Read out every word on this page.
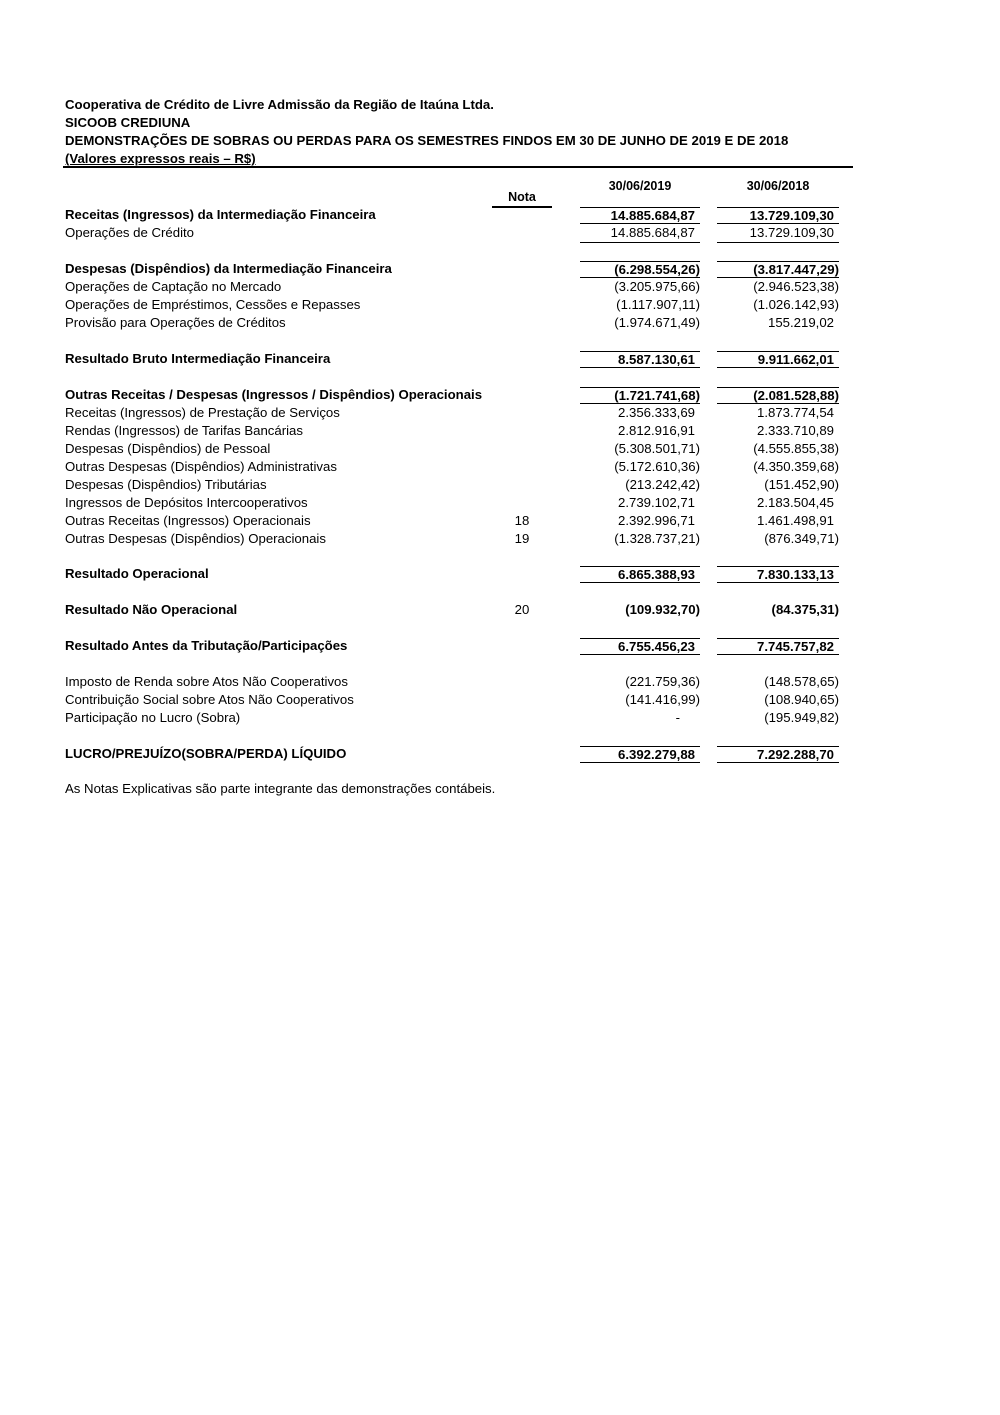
Cooperativa de Crédito de Livre Admissão da Região de Itaúna Ltda.
SICOOB CREDIUNA
DEMONSTRAÇÕES DE SOBRAS OU PERDAS PARA OS SEMESTRES FINDOS EM 30 DE JUNHO DE 2019 E DE 2018
(Valores expressos reais – R$)
30/06/2019	30/06/2018
Nota
Receitas (Ingressos) da Intermediação Financeira	14.885.684,87	13.729.109,30
Operações de Crédito	14.885.684,87	13.729.109,30
Despesas (Dispêndios) da Intermediação Financeira	(6.298.554,26)	(3.817.447,29)
Operações de Captação no Mercado	(3.205.975,66)	(2.946.523,38)
Operações de Empréstimos, Cessões e Repasses	(1.117.907,11)	(1.026.142,93)
Provisão para Operações de Créditos	(1.974.671,49)	155.219,02
Resultado Bruto Intermediação Financeira	8.587.130,61	9.911.662,01
Outras Receitas / Despesas (Ingressos / Dispêndios) Operacionais	(1.721.741,68)	(2.081.528,88)
Receitas (Ingressos) de Prestação de Serviços	2.356.333,69	1.873.774,54
Rendas (Ingressos) de Tarifas Bancárias	2.812.916,91	2.333.710,89
Despesas (Dispêndios) de Pessoal	(5.308.501,71)	(4.555.855,38)
Outras Despesas (Dispêndios) Administrativas	(5.172.610,36)	(4.350.359,68)
Despesas (Dispêndios) Tributárias	(213.242,42)	(151.452,90)
Ingressos de Depósitos Intercooperativos	2.739.102,71	2.183.504,45
Outras Receitas (Ingressos) Operacionais	18	2.392.996,71	1.461.498,91
Outras Despesas (Dispêndios) Operacionais	19	(1.328.737,21)	(876.349,71)
Resultado Operacional	6.865.388,93	7.830.133,13
Resultado Não Operacional	20	(109.932,70)	(84.375,31)
Resultado Antes da Tributação/Participações	6.755.456,23	7.745.757,82
Imposto de Renda sobre Atos Não Cooperativos	(221.759,36)	(148.578,65)
Contribuição Social sobre Atos Não Cooperativos	(141.416,99)	(108.940,65)
Participação no Lucro (Sobra)	-	(195.949,82)
LUCRO/PREJUÍZO(SOBRA/PERDA) LÍQUIDO	6.392.279,88	7.292.288,70
As Notas Explicativas são parte integrante das demonstrações contábeis.
